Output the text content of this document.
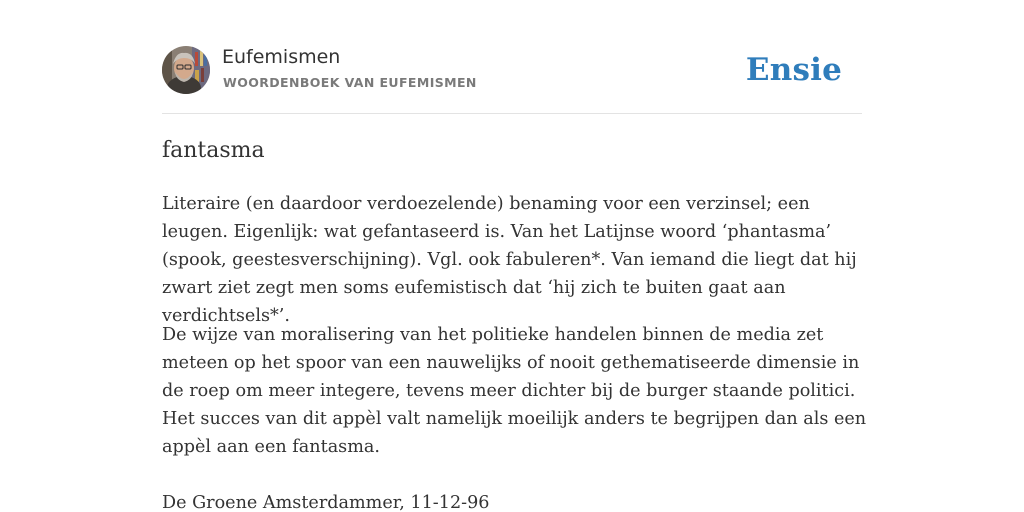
Eufemismen
WOORDENBOEK VAN EUFEMISMEN	Ensie
fantasma

Literaire (en daardoor verdoezelende) benaming voor een verzinsel; een leugen. Eigenlijk: wat gefantaseerd is. Van het Latijnse woord ‘phantasma’ (spook, geestesverschijning). Vgl. ook fabuleren*. Van iemand die liegt dat hij zwart ziet zegt men soms eufemistisch dat ‘hij zich te buiten gaat aan verdichtsels*’.

De wijze van moralisering van het politieke handelen binnen de media zet meteen op het spoor van een nauwelijks of nooit gethematiseerde dimensie in de roep om meer integere, tevens meer dichter bij de burger staande politici. Het succes van dit appèl valt namelijk moeilijk anders te begrijpen dan als een appèl aan een fantasma.

De Groene Amsterdammer, 11-12-96
